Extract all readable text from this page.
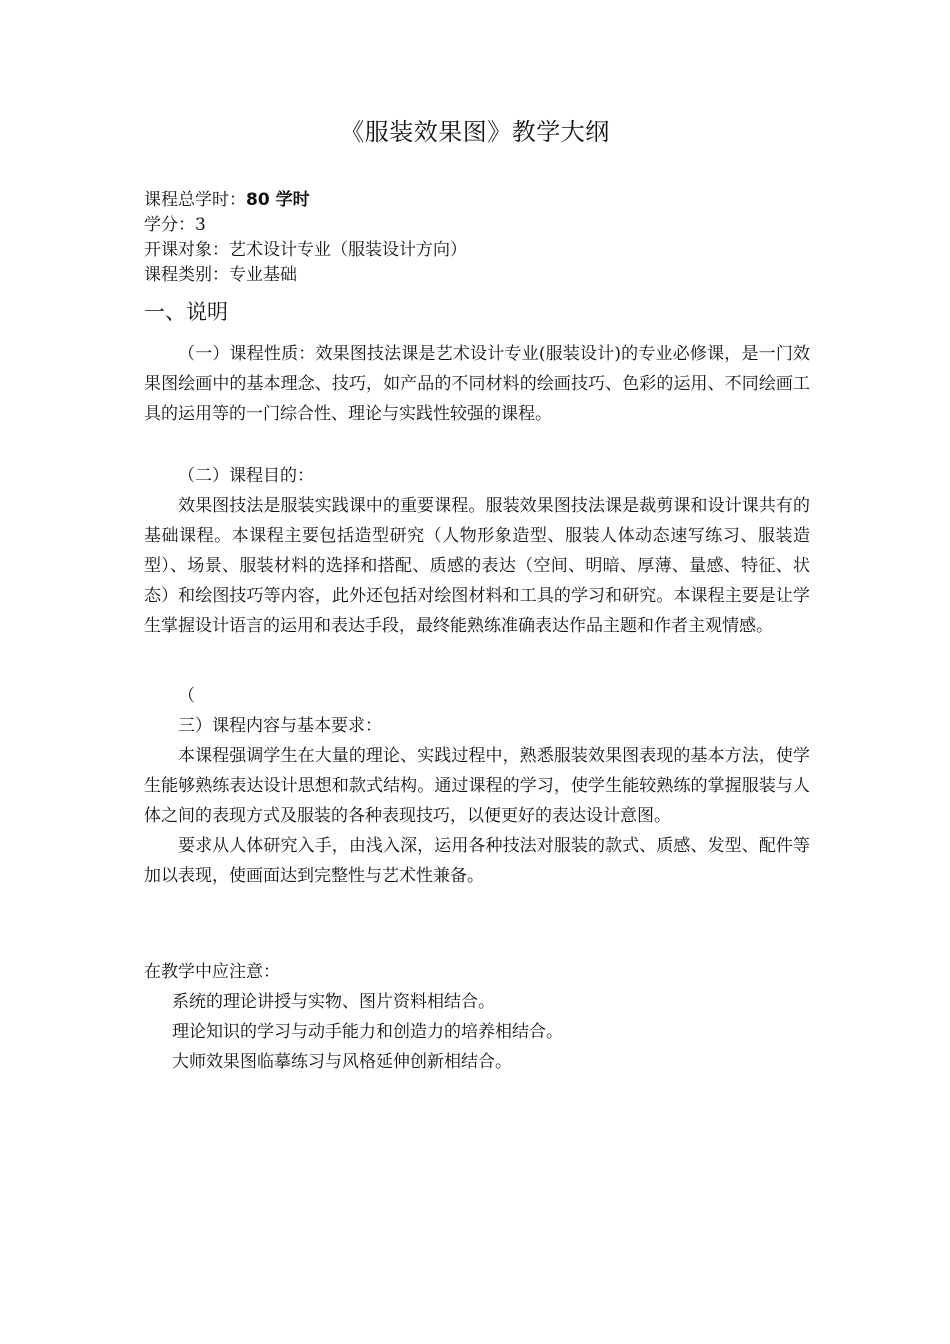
《服装效果图》教学大纲
课程总学时：80 学时
学分：3
开课对象：艺术设计专业（服装设计方向）
课程类别：专业基础
一、说明

（一）课程性质：效果图技法课是艺术设计专业(服装设计)的专业必修课，是一门效果图绘画中的基本理念、技巧，如产品的不同材料的绘画技巧、色彩的运用、不同绘画工具的运用等的一门综合性、理论与实践性较强的课程。

（二）课程目的：

效果图技法是服装实践课中的重要课程。服装效果图技法课是裁剪课和设计课共有的基础课程。本课程主要包括造型研究（人物形象造型、服装人体动态速写练习、服装造型）、场景、服装材料的选择和搭配、质感的表达（空间、明暗、厚薄、量感、特征、状态）和绘图技巧等内容，此外还包括对绘图材料和工具的学习和研究。本课程主要是让学生掌握设计语言的运用和表达手段，最终能熟练准确表达作品主题和作者主观情感。

（

三）课程内容与基本要求：

本课程强调学生在大量的理论、实践过程中，熟悉服装效果图表现的基本方法，使学生能够熟练表达设计思想和款式结构。通过课程的学习，使学生能较熟练的掌握服装与人体之间的表现方式及服装的各种表现技巧，以便更好的表达设计意图。

要求从人体研究入手，由浅入深，运用各种技法对服装的款式、质感、发型、配件等加以表现，使画面达到完整性与艺术性兼备。

在教学中应注意：

系统的理论讲授与实物、图片资料相结合。

理论知识的学习与动手能力和创造力的培养相结合。

大师效果图临摹练习与风格延伸创新相结合。
